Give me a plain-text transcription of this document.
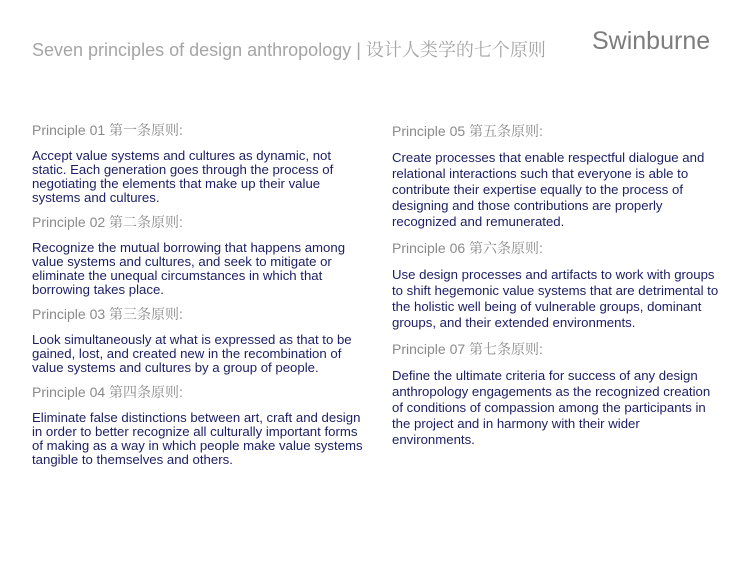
Seven principles of design anthropology | 设计人类学的七个原则 Swinburne
Principle 01 第一条原则:
Accept value systems and cultures as dynamic, not static. Each generation goes through the process of negotiating the elements that make up their value systems and cultures.
Principle 02 第二条原则:
Recognize the mutual borrowing that happens among value systems and cultures, and seek to mitigate or eliminate the unequal circumstances in which that borrowing takes place.
Principle 03 第三条原则:
Look simultaneously at what is expressed as that to be gained, lost, and created new in the recombination of value systems and cultures by a group of people.
Principle 04 第四条原则:
Eliminate false distinctions between art, craft and design in order to better recognize all culturally important forms of making as a way in which people make value systems tangible to themselves and others.
Principle 05 第五条原则:
Create processes that enable respectful dialogue and relational interactions such that everyone is able to contribute their expertise equally to the process of designing and those contributions are properly recognized and remunerated.
Principle 06 第六条原则:
Use design processes and artifacts to work with groups to shift hegemonic value systems that are detrimental to the holistic well being of vulnerable groups, dominant groups, and their extended environments.
Principle 07 第七条原则:
Define the ultimate criteria for success of any design anthropology engagements as the recognized creation of conditions of compassion among the participants in the project and in harmony with their wider environments.
